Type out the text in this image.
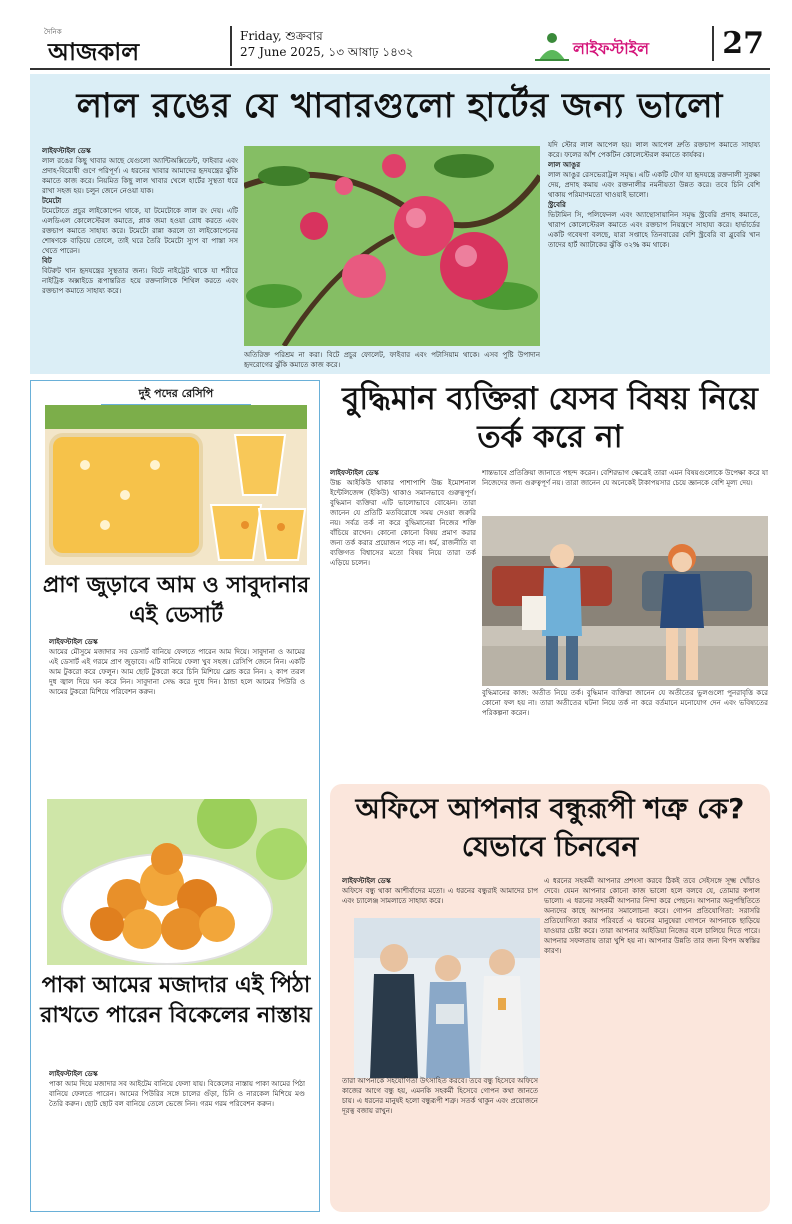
দৈনিক
আজকাল
Friday, শুক্রবার
27 June 2025, ১৩ আষাঢ় ১৪৩২	লাইফস্টাইল	27
লাল রঙের যে খাবারগুলো হার্টের জন্য ভালো
লাইফস্টাইল ডেস্ক
লাল রঙের কিছু খাবার আছে যেগুলো অ্যান্টিঅক্সিডেন্ট, ফাইবার এবং প্রদাহ-বিরোধী গুণে পরিপূর্ণ। এ ধরনের খাবার আমাদের হৃদযন্ত্রের ঝুঁকি কমাতে কাজ করে। নিয়মিত কিছু লাল খাবার খেলে হার্টের সুস্থতা ধরে রাখা সহজ হয়। চলুন জেনে নেওয়া যাক।
টমেটো
টমেটোতে প্রচুর লাইকোপেন থাকে, যা টমেটোকে লাল রং দেয়। এটি এলডিএল কোলেস্টেরল কমাতে, প্লাক জমা হওয়া রোধ করতে এবং রক্তচাপ কমাতে সাহায্য করে। টমেটো রান্না করলে তা লাইকোপেনের শোষণকে বাড়িয়ে তোলে, তাই ঘরে তৈরি টমেটো স্যুপ বা পাস্তা সস খেতে পারেন।
বিট
বিটরুট খান হৃদযন্ত্রের সুস্থতার জন্য। বিটে নাইট্রেট থাকে যা শরীরে নাইট্রিক অক্সাইডে রূপান্তরিত হয়ে রক্তনালিকে শিথিল করতে এবং রক্তচাপ কমাতে সাহায্য করে।
অতিরিক্ত পরিশ্রম না করা। বিটে প্রচুর ফোলেট, ফাইবার এবং পটাসিয়াম থাকে। এসব পুষ্টি উপাদান হৃদরোগের ঝুঁকি কমাতে কাজ করে।
যদি স্টোর লাল আপেল হয়। লাল আপেল দ্রুতি রক্তচাপ কমাতে সাহায্য করে। ফলের আঁশ পেকটিন কোলেস্টেরল কমাতে কার্যকর।
লাল আঙুর
লাল আঙুর রেসভেরাট্রল সমৃদ্ধ। এটি একটি যৌগ যা হৃদযন্ত্রে রক্তনালী সুরক্ষা দেয়, প্রদাহ কমায় এবং রক্তনালীর নমনীয়তা উন্নত করে। তবে চিনি বেশি থাকায় পরিমাণমতো খাওয়াই ভালো।
স্ট্রবেরি
ভিটামিন সি, পলিফেনল এবং অ্যান্থোসায়ানিন সমৃদ্ধ স্ট্রবেরি প্রদাহ কমাতে, খারাপ কোলেস্টেরল কমাতে এবং রক্তচাপ নিয়ন্ত্রণে সাহায্য করে। হার্ভার্ডের একটি গবেষণা বলছে, যারা সপ্তাহে তিনবারের বেশি স্ট্রবেরি বা ব্লুবেরি খান তাদের হার্ট অ্যাটাকের ঝুঁকি ৩২% কম থাকে।
দুই পদের রেসিপি
প্রাণ জুড়াবে আম ও সাবুদানার এই ডেসার্ট
লাইফস্টাইল ডেস্ক
আমের মৌসুমে মজাদার সব ডেসার্ট বানিয়ে ফেলতে পারেন আম দিয়ে। সাবুদানা ও আমের এই ডেসার্ট এই গরমে প্রাণ জুড়াবে। এটি বানিয়ে ফেলা খুব সহজ। রেসিপি জেনে নিন। একটি আম টুকরো করে ফেলুন। আম ছোট টুকরো করে চিনি মিশিয়ে ব্লেন্ড করে নিন। ২ কাপ তরল দুধ জ্বাল দিয়ে ঘন করে নিন। সাবুদানা সেদ্ধ করে দুধে দিন। ঠান্ডা হলে আমের পিউরি ও আমের টুকরো মিশিয়ে পরিবেশন করুন।
পাকা আমের মজাদার এই পিঠা রাখতে পারেন বিকেলের নাস্তায়
লাইফস্টাইল ডেস্ক
পাকা আম দিয়ে মজাদার সব আইটেম বানিয়ে ফেলা যায়। বিকেলের নাস্তায় পাকা আমের পিঠা বানিয়ে ফেলতে পারেন। আমের পিউরির সঙ্গে চালের গুঁড়া, চিনি ও নারকেল মিশিয়ে মণ্ড তৈরি করুন। ছোট ছোট বল বানিয়ে তেলে ভেজে নিন। গরম গরম পরিবেশন করুন।
বুদ্ধিমান ব্যক্তিরা যেসব বিষয় নিয়ে তর্ক করে না
লাইফস্টাইল ডেস্ক
উচ্চ আইকিউ থাকার পাশাপাশি উচ্চ ইমোশনাল ইন্টেলিজেন্স (ইকিউ) থাকাও সমানভাবে গুরুত্বপূর্ণ। বুদ্ধিমান ব্যক্তিরা এটি ভালোভাবে বোঝেন। তারা জানেন যে প্রতিটি মতবিরোধে সময় দেওয়া জরুরি নয়। সর্বত্র তর্ক না করে বুদ্ধিমানেরা নিজের শক্তি বাঁচিয়ে রাখেন। কোনো কোনো বিষয় প্রমাণ করার জন্য তর্ক করার প্রয়োজন পড়ে না। ধর্ম, রাজনীতি বা ব্যক্তিগত বিশ্বাসের মতো বিষয় নিয়ে তারা তর্ক এড়িয়ে চলেন।
শান্তভাবে প্রতিক্রিয়া জানাতে পছন্দ করেন। বেশিরভাগ ক্ষেত্রেই তারা এমন বিষয়গুলোকে উপেক্ষা করে যা নিজেদের জন্য গুরুত্বপূর্ণ নয়। তারা জানেন যে অনেকেই টাকাপয়সার চেয়ে জ্ঞানকে বেশি মূল্য দেয়।
বুদ্ধিমানের কাজ: অতীত নিয়ে তর্ক। বুদ্ধিমান ব্যক্তিরা জানেন যে অতীতের ভুলগুলো পুনরাবৃত্তি করে কোনো ফল হয় না। তারা অতীতের ঘটনা নিয়ে তর্ক না করে বর্তমানে মনোযোগ দেন এবং ভবিষ্যতের পরিকল্পনা করেন।
অফিসে আপনার বন্ধুরূপী শত্রু কে? যেভাবে চিনবেন
লাইফস্টাইল ডেস্ক
অফিসে বন্ধু থাকা আশীর্বাদের মতো। এ ধরনের বন্ধুরাই আমাদের চাপ এবং চ্যালেঞ্জ সামলাতে সাহায্য করে।
তারা আপনাকে সহযোগিতা উৎসাহিত করবে। তবে বন্ধু হিসেবে অফিসে কাজের আগে বন্ধু হয়, এমনকি সহকর্মী হিসেবে গোপন কথা জানতে চায়। এ ধরনের মানুষই হলো বন্ধুরূপী শত্রু। সতর্ক থাকুন এবং প্রয়োজনে দূরত্ব বজায় রাখুন।
এ ধরনের সহকর্মী আপনার প্রশংসা করবে ঠিকই তবে সেইসঙ্গে সূক্ষ্ম খোঁচাও দেবে। যেমন আপনার কোনো কাজ ভালো হলে বলবে যে, তোমার কপাল ভালো। এ ধরনের সহকর্মী আপনার নিন্দা করে পেছনে। আপনার অনুপস্থিতিতে অন্যদের কাছে আপনার সমালোচনা করে। গোপন প্রতিযোগিতা: সরাসরি প্রতিযোগিতা করার পরিবর্তে এ ধরনের মানুষেরা গোপনে আপনাকে ছাড়িয়ে যাওয়ার চেষ্টা করে। তারা আপনার আইডিয়া নিজের বলে চালিয়ে দিতে পারে। আপনার সফলতায় তারা খুশি হয় না। আপনার উন্নতি তার জন্য বিপদ অস্বস্তির কারণ।
